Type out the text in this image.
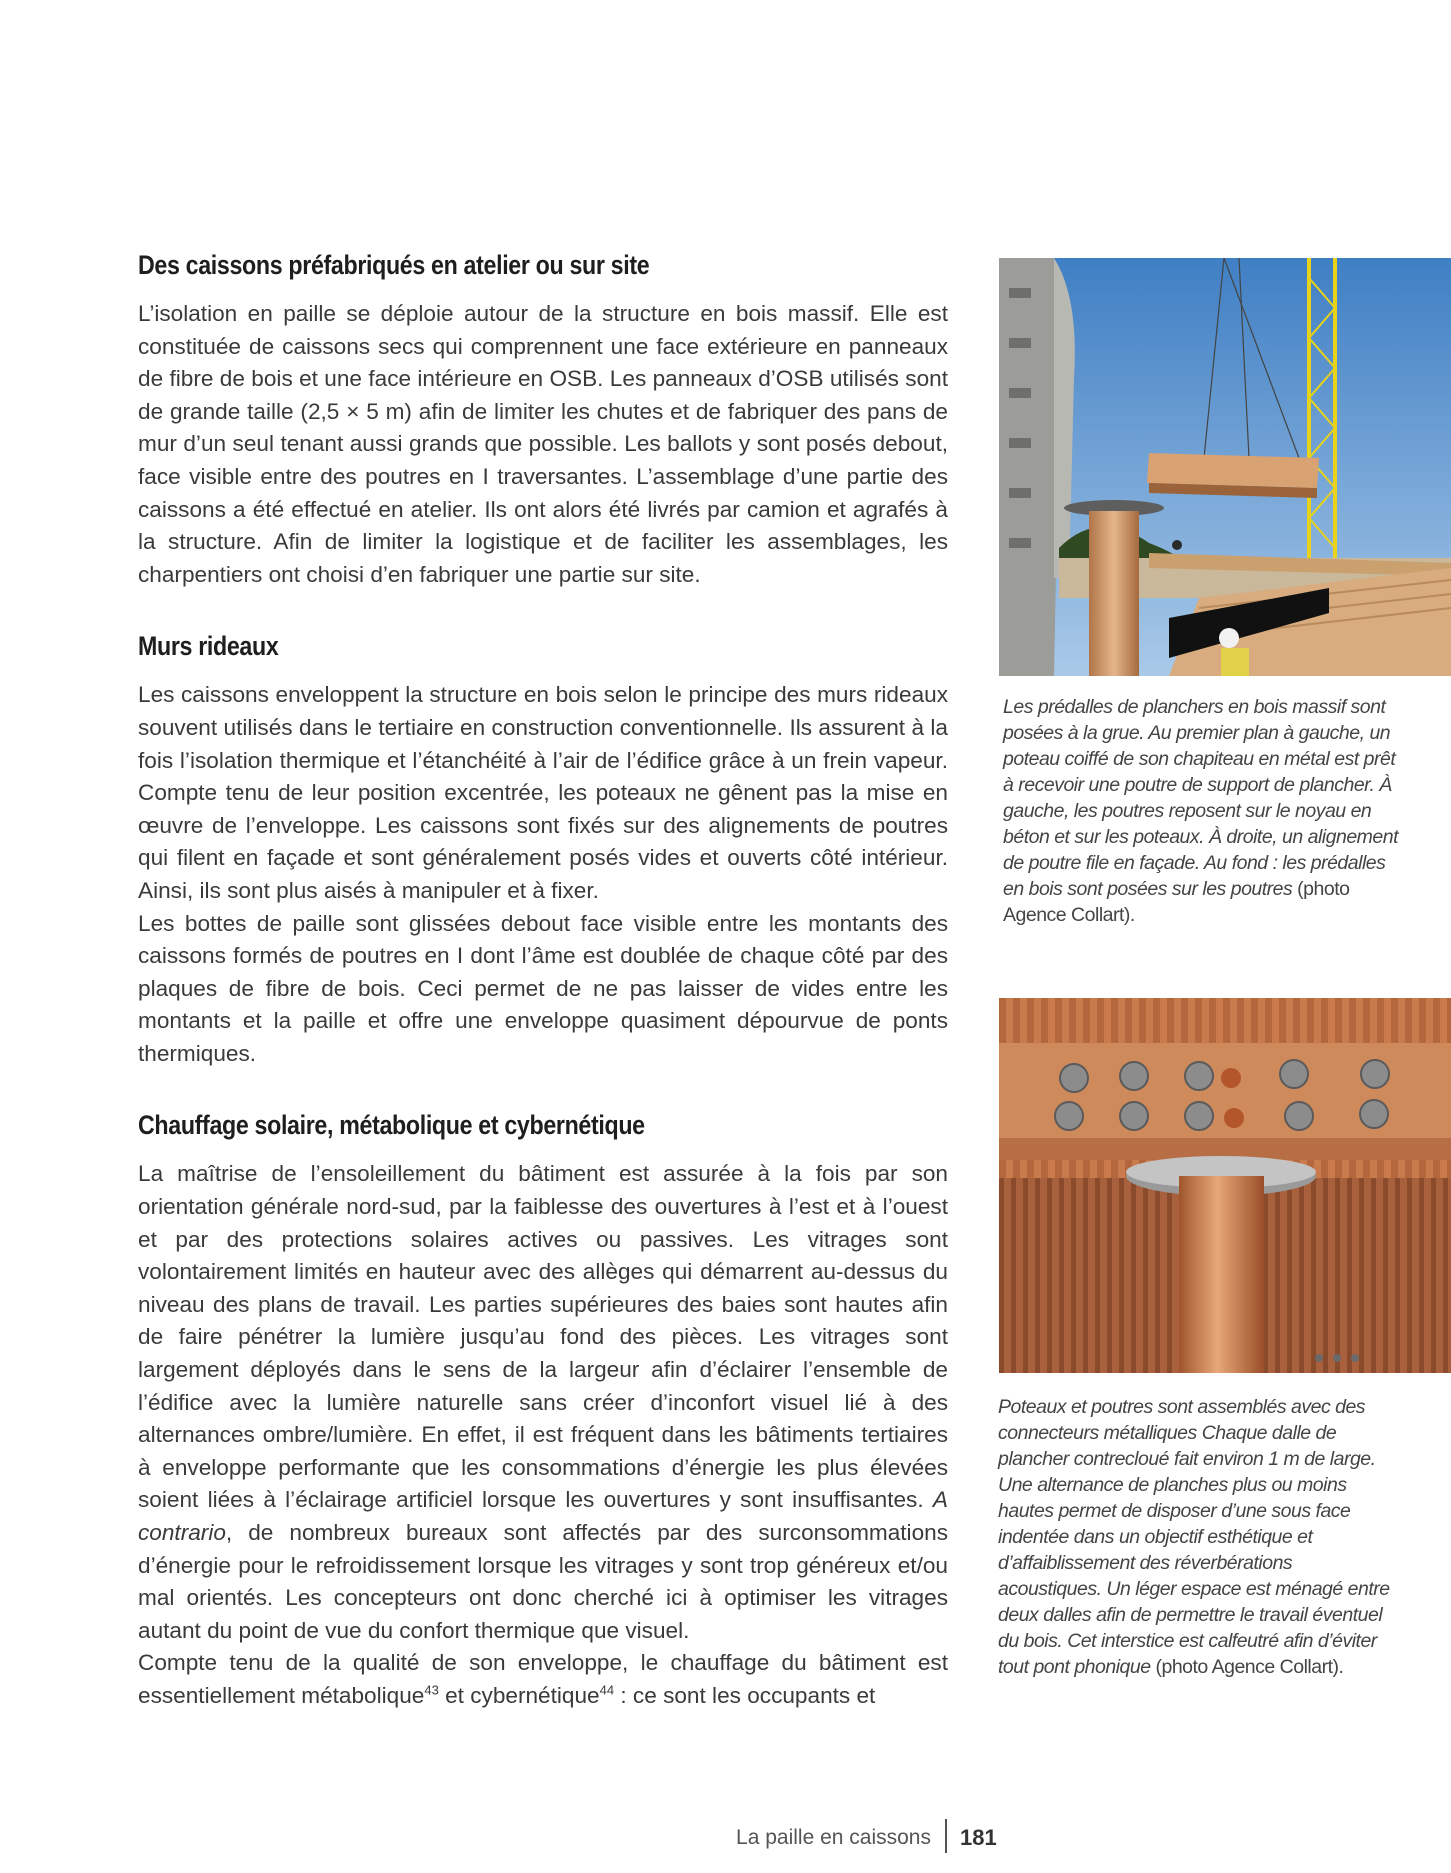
Des caissons préfabriqués en atelier ou sur site

L’isolation en paille se déploie autour de la structure en bois massif. Elle est constituée de caissons secs qui comprennent une face extérieure en panneaux de fibre de bois et une face intérieure en OSB. Les panneaux d’OSB utilisés sont de grande taille (2,5 × 5 m) afin de limiter les chutes et de fabriquer des pans de mur d’un seul tenant aussi grands que possible. Les ballots y sont posés debout, face visible entre des poutres en I traversantes. L’assemblage d’une partie des caissons a été effectué en atelier. Ils ont alors été livrés par camion et agrafés à la structure. Afin de limiter la logistique et de faciliter les assemblages, les charpentiers ont choisi d’en fabriquer une partie sur site.

Murs rideaux

Les caissons enveloppent la structure en bois selon le principe des murs rideaux souvent utilisés dans le tertiaire en construction conventionnelle. Ils assurent à la fois l’isolation thermique et l’étanchéité à l’air de l’édifice grâce à un frein vapeur. Compte tenu de leur position excentrée, les poteaux ne gênent pas la mise en œuvre de l’enveloppe. Les caissons sont fixés sur des alignements de poutres qui filent en façade et sont généralement posés vides et ouverts côté intérieur. Ainsi, ils sont plus aisés à manipuler et à fixer.

Les bottes de paille sont glissées debout face visible entre les montants des caissons formés de poutres en I dont l’âme est doublée de chaque côté par des plaques de fibre de bois. Ceci permet de ne pas laisser de vides entre les montants et la paille et offre une enveloppe quasiment dépourvue de ponts thermiques.

Chauffage solaire, métabolique et cybernétique

La maîtrise de l’ensoleillement du bâtiment est assurée à la fois par son orientation générale nord-sud, par la faiblesse des ouvertures à l’est et à l’ouest et par des protections solaires actives ou passives. Les vitrages sont volontairement limités en hauteur avec des allèges qui démarrent au-dessus du niveau des plans de travail. Les parties supérieures des baies sont hautes afin de faire pénétrer la lumière jusqu’au fond des pièces. Les vitrages sont largement déployés dans le sens de la largeur afin d’éclairer l’ensemble de l’édifice avec la lumière naturelle sans créer d’inconfort visuel lié à des alternances ombre/lumière. En effet, il est fréquent dans les bâtiments tertiaires à enveloppe performante que les consommations d’énergie les plus élevées soient liées à l’éclairage artificiel lorsque les ouvertures y sont insuffisantes. A contrario, de nombreux bureaux sont affectés par des surconsommations d’énergie pour le refroidissement lorsque les vitrages y sont trop généreux et/ou mal orientés. Les concepteurs ont donc cherché ici à optimiser les vitrages autant du point de vue du confort thermique que visuel.

Compte tenu de la qualité de son enveloppe, le chauffage du bâtiment est essentiellement métabolique$^{43}$ et cybernétique$^{44}$ : ce sont les occupants et

Les prédalles de planchers en bois massif sont posées à la grue. Au premier plan à gauche, un poteau coiffé de son chapiteau en métal est prêt à recevoir une poutre de support de plancher. À gauche, les poutres reposent sur le noyau en béton et sur les poteaux. À droite, un alignement de poutre file en façade. Au fond : les prédalles en bois sont posées sur les poutres (photo Agence Collart).
Poteaux et poutres sont assemblés avec des connecteurs métalliques Chaque dalle de plancher contrecloué fait environ 1 m de large. Une alternance de planches plus ou moins hautes permet de disposer d’une sous face indentée dans un objectif esthétique et d’affaiblissement des réverbérations acoustiques. Un léger espace est ménagé entre deux dalles afin de permettre le travail éventuel du bois. Cet interstice est calfeutré afin d’éviter tout pont phonique (photo Agence Collart).
La paille en caissons 181
